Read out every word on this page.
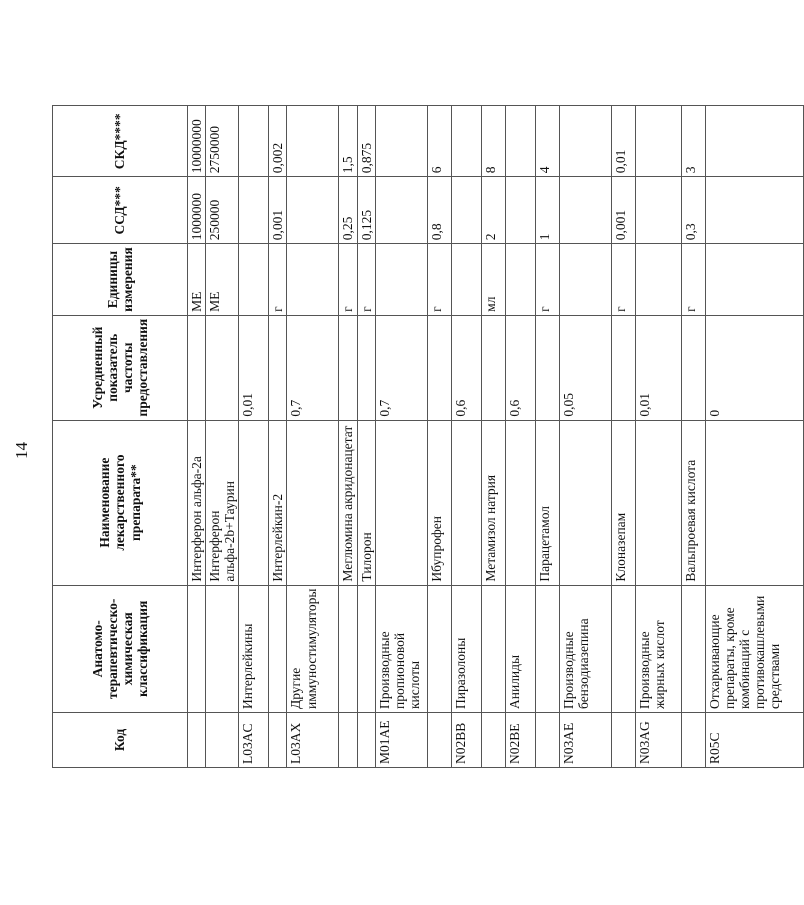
14
Код	Анатомо-терапевтическо-химическая классификация	Наименование лекарственного препарата**	Усредненный показатель частоты предоставления	Единицы измерения	ССД***	СКД****
		Интерферон альфа-2а		МЕ	1000000	10000000
		Интерферон альфа-2b+Таурин		МЕ	250000	2750000
L03AC	Интерлейкины		0,01			
		Интерлейкин-2		г	0,001	0,002
L03AX	Другие иммуностимуляторы		0,7			
		Меглюмина акридонацетат		г	0,25	1,5
		Тилорон		г	0,125	0,875
M01AE	Производные пропионовой кислоты		0,7			
		Ибупрофен		г	0,8	6
N02BB	Пиразолоны		0,6			
		Метамизол натрия		мл	2	8
N02BE	Анилиды		0,6			
		Парацетамол		г	1	4
N03AE	Производные бензодиазепина		0,05			
		Клоназепам		г	0,001	0,01
N03AG	Производные жирных кислот		0,01			
		Вальпроевая кислота		г	0,3	3
R05C	Отхаркивающие препараты, кроме комбинаций с противокашлевыми средствами		0			
